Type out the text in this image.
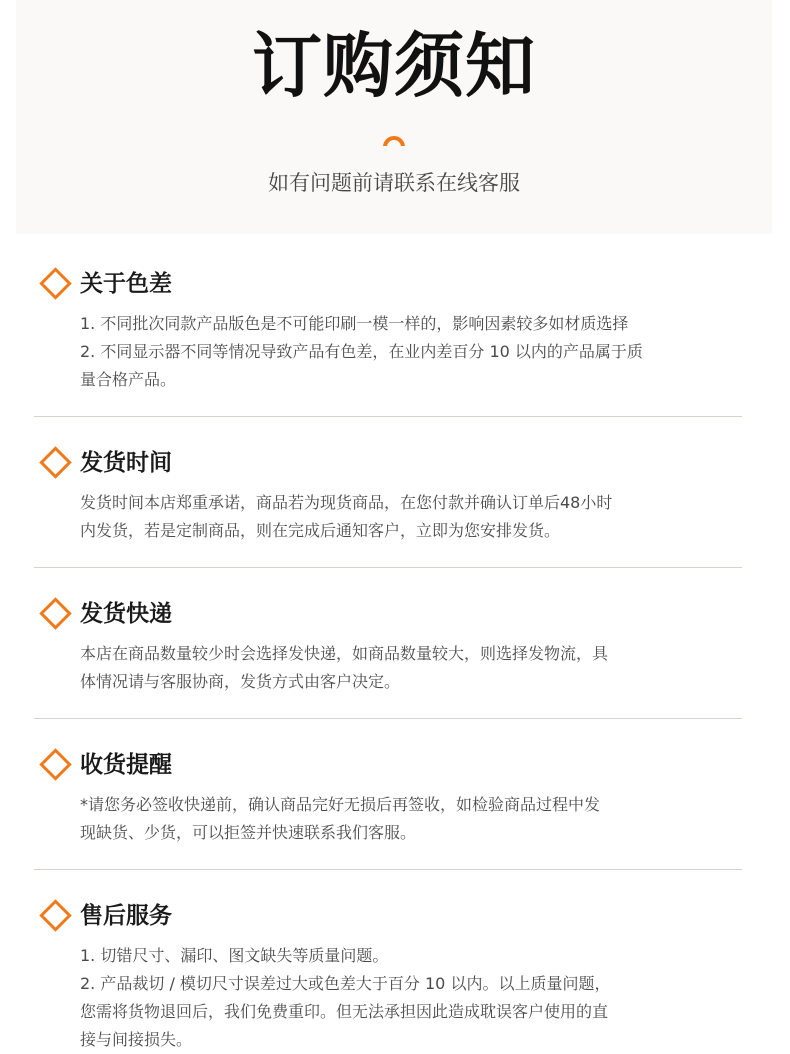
订购须知
如有问题前请联系在线客服
关于色差

1. 不同批次同款产品版色是不可能印刷一模一样的，影响因素较多如材质选择

2. 不同显示器不同等情况导致产品有色差，在业内差百分 10 以内的产品属于质

量合格产品。

发货时间

发货时间本店郑重承诺，商品若为现货商品，在您付款并确认订单后48小时

内发货，若是定制商品，则在完成后通知客户，立即为您安排发货。

发货快递

本店在商品数量较少时会选择发快递，如商品数量较大，则选择发物流，具

体情况请与客服协商，发货方式由客户决定。

收货提醒

*请您务必签收快递前，确认商品完好无损后再签收，如检验商品过程中发

现缺货、少货，可以拒签并快速联系我们客服。

售后服务

1. 切错尺寸、漏印、图文缺失等质量问题。

2. 产品裁切 / 模切尺寸误差过大或色差大于百分 10 以内。以上质量问题，

您需将货物退回后，我们免费重印。但无法承担因此造成耽误客户使用的直

接与间接损失。
